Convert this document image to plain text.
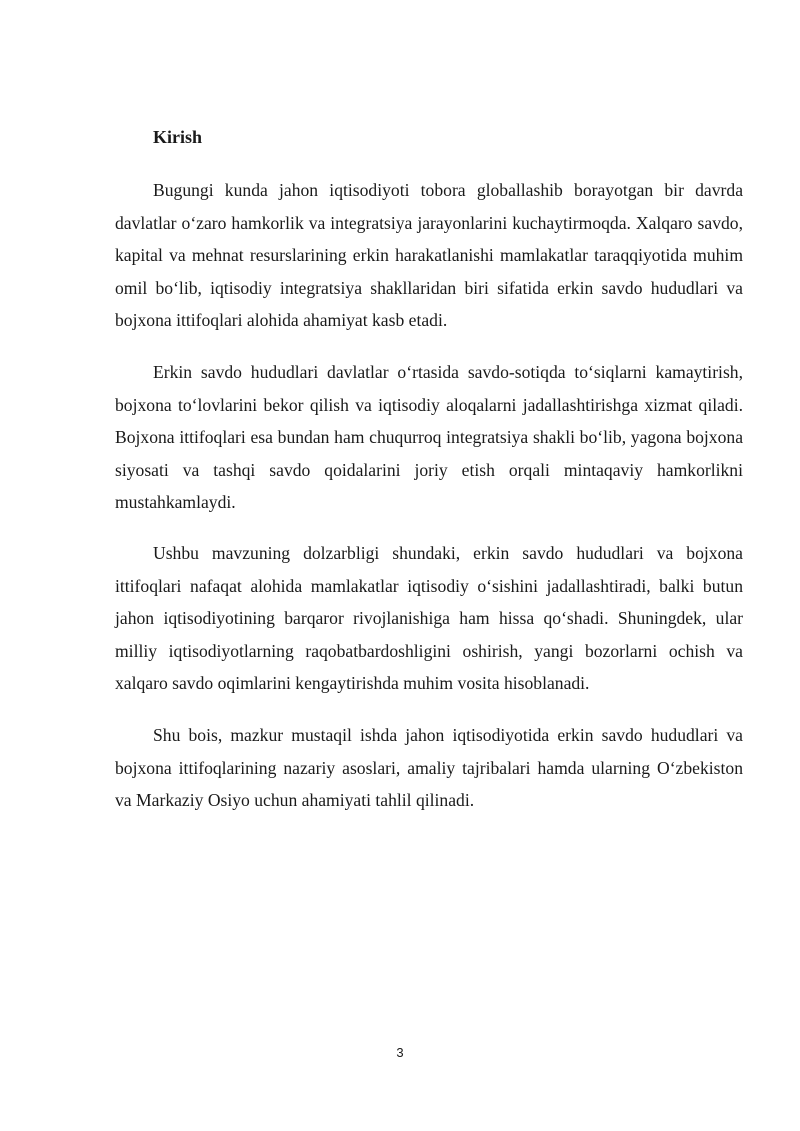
Kirish

Bugungi kunda jahon iqtisodiyoti tobora globallashib borayotgan bir davrda davlatlar o‘zaro hamkorlik va integratsiya jarayonlarini kuchaytirmoqda. Xalqaro savdo, kapital va mehnat resurslarining erkin harakatlanishi mamlakatlar taraqqiyotida muhim omil bo‘lib, iqtisodiy integratsiya shakllaridan biri sifatida erkin savdo hududlari va bojxona ittifoqlari alohida ahamiyat kasb etadi.

Erkin savdo hududlari davlatlar o‘rtasida savdo-sotiqda to‘siqlarni kamaytirish, bojxona to‘lovlarini bekor qilish va iqtisodiy aloqalarni jadallashtirishga xizmat qiladi. Bojxona ittifoqlari esa bundan ham chuqurroq integratsiya shakli bo‘lib, yagona bojxona siyosati va tashqi savdo qoidalarini joriy etish orqali mintaqaviy hamkorlikni mustahkamlaydi.

Ushbu mavzuning dolzarbligi shundaki, erkin savdo hududlari va bojxona ittifoqlari nafaqat alohida mamlakatlar iqtisodiy o‘sishini jadallashtiradi, balki butun jahon iqtisodiyotining barqaror rivojlanishiga ham hissa qo‘shadi. Shuningdek, ular milliy iqtisodiyotlarning raqobatbardoshligini oshirish, yangi bozorlarni ochish va xalqaro savdo oqimlarini kengaytirishda muhim vosita hisoblanadi.

Shu bois, mazkur mustaqil ishda jahon iqtisodiyotida erkin savdo hududlari va bojxona ittifoqlarining nazariy asoslari, amaliy tajribalari hamda ularning O‘zbekiston va Markaziy Osiyo uchun ahamiyati tahlil qilinadi.

3
